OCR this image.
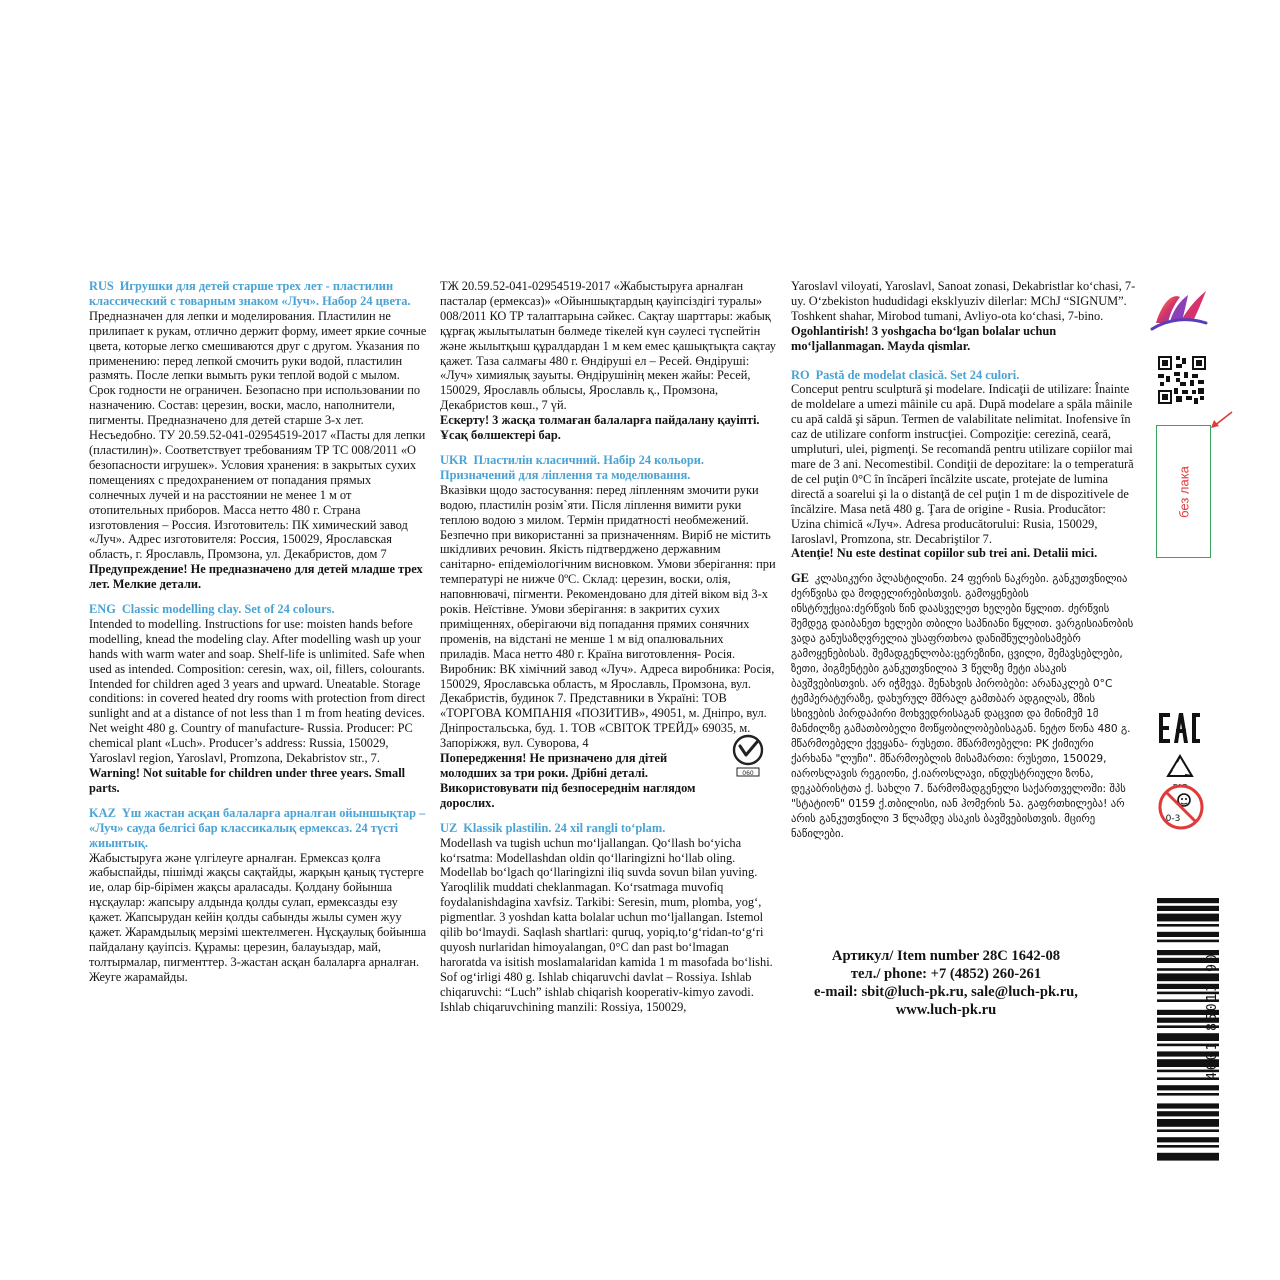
RUS Игрушки для детей старше трех лет - пластилин классический с товарным знаком «Луч». Набор 24 цвета.

Предназначен для лепки и моделирования. Пластилин не прилипает к рукам, отлично держит форму, имеет яркие сочные цвета, которые легко смешиваются друг с другом. Указания по применению: перед лепкой смочить руки водой, пластилин размять. После лепки вымыть руки теплой водой с мылом. Срок годности не ограничен. Безопасно при использовании по назначению. Состав: церезин, воски, масло, наполнители, пигменты. Предназначено для детей старше 3-х лет. Несъедобно. ТУ 20.59.52-041-02954519-2017 «Пасты для лепки (пластилин)». Соответствует требованиям ТР ТС 008/2011 «О безопасности игрушек». Условия хранения: в закрытых сухих помещениях с предохранением от попадания прямых солнечных лучей и на расстоянии не менее 1 м от отопительных приборов. Масса нетто 480 г. Страна изготовления – Россия. Изготовитель: ПК химический завод «Луч». Адрес изготовителя: Россия, 150029, Ярославская область, г. Ярославль, Промзона, ул. Декабристов, дом 7

Предупреждение! Не предназначено для детей младше трех лет. Мелкие детали.

ENG Classic modelling clay. Set of 24 colours.

Intended to modelling. Instructions for use: moisten hands before modelling, knead the modeling clay. After modelling wash up your hands with warm water and soap. Shelf-life is unlimited. Safe when used as intended. Composition: ceresin, wax, oil, fillers, colourants. Intended for children aged 3 years and upward. Uneatable. Storage conditions: in covered heated dry rooms with protection from direct sunlight and at a distance of not less than 1 m from heating devices. Net weight 480 g. Country of manufacture- Russia. Producer: PC chemical plant «Luch». Producer’s address: Russia, 150029, Yaroslavl region, Yaroslavl, Promzona, Dekabristov str., 7.

Warning! Not suitable for children under three years. Small parts.

KAZ Үш жастан асқан балаларға арналған ойыншықтар – «Луч» сауда белгісі бар классикалық ермексаз. 24 түсті жиынтық.

Жабыстыруға және үлгілеуге арналған. Ермексаз қолға жабыспайды, пішімді жақсы сақтайды, жарқын қанық түстерге ие, олар бір-бірімен жақсы араласады. Қолдану бойынша нұсқаулар: жапсыру алдында қолды сулап, ермексазды езу қажет. Жапсырудан кейін қолды сабынды жылы сумен жуу қажет. Жарамдылық мерзімі шектелмеген. Нұсқаулық бойынша пайдалану қауіпсіз. Құрамы: церезин, балауыздар, май, толтырмалар, пигменттер. 3-жастан асқан балаларға арналған. Жеуге жарамайды.

ТЖ 20.59.52-041-02954519-2017 «Жабыстыруға арналған пасталар (ермексаз)» «Ойыншықтардың қауіпсіздігі туралы» 008/2011 КО ТР талаптарына сәйкес. Сақтау шарттары: жабық құрғақ жылытылатын бөлмеде тікелей күн сәулесі түспейтін және жылытқыш құралдардан 1 м кем емес қашықтықта сақтау қажет. Таза салмағы 480 г. Өндіруші ел – Ресей. Өндіруші: «Луч» химиялық зауыты. Өндірушінің мекен жайы: Ресей, 150029, Ярославль облысы, Ярославль қ., Промзона, Декабристов көш., 7 үй.

Ескерту! 3 жасқа толмаған балаларға пайдалану қауіпті. Ұсақ бөлшектері бар.

UKR Пластилін класичний. Набір 24 кольори. Призначений для ліплення та моделювання.

Вказівки щодо застосування: перед ліпленням змочити руки водою, пластилін розім`яти. Після ліплення вимити руки теплою водою з милом. Термін придатності необмежений. Безпечно при використанні за призначенням. Виріб не містить шкідливих речовин. Якість підтверджено державним санітарно- епідеміологічним висновком. Умови зберігання: при температурі не нижче 0ºС. Склад: церезин, воски, олія, наповнювачі, пігменти. Рекомендовано для дітей віком від 3-х років. Неїстівне. Умови зберігання: в закритих сухих приміщеннях, оберігаючи від попадання прямих сонячних променів, на відстані не менше 1 м від опалювальних приладів. Маса нетто 480 г. Країна виготовлення- Росія. Виробник: ВК хімічний завод «Луч». Адреса виробника: Росія, 150029, Ярославська область, м Ярославль, Промзона, вул. Декабристів, будинок 7. Представники в Україні: ТОВ «ТОРГОВА КОМПАНІЯ «ПОЗИТИВ», 49051, м. Дніпро, вул. Дніпростальська, буд. 1. ТОВ «СВІТОК ТРЕЙД» 69035, м. Запоріжжя, вул. Суворова, 4

Попередження! Не призначено для дітей молодших за три роки. Дрібні деталі. Використовувати під безпосереднім наглядом дорослих.

UZ Klassik plastilin. 24 xil rangli to‘plam.

Modellash va tugish uchun mo‘ljallangan. Qo‘llash bo‘yicha ko‘rsatma: Modellashdan oldin qo‘llaringizni ho‘llab oling. Modellab bo‘lgach qo‘llaringizni iliq suvda sovun bilan yuving. Yaroqlilik muddati cheklanmagan. Ko‘rsatmaga muvofiq foydalanishdagina xavfsiz. Tarkibi: Seresin, mum, plomba, yog‘, pigmentlar. 3 yoshdan katta bolalar uchun mo‘ljallangan. Istemol qilib bo‘lmaydi. Saqlash shartlari: quruq, yopiq,to‘g‘ridan-to‘g‘ri quyosh nurlaridan himoyalangan, 0°C dan past bo‘lmagan haroratda va isitish moslamalaridan kamida 1 m masofada bo‘lishi. Sof og‘irligi 480 g. Ishlab chiqaruvchi davlat – Rossiya. Ishlab chiqaruvchi: “Luch” ishlab chiqarish kooperativ-kimyo zavodi. Ishlab chiqaruvchining manzili: Rossiya, 150029,

060

Yaroslavl viloyati, Yaroslavl, Sanoat zonasi, Dekabristlar ko‘chasi, 7-uy. O‘zbekiston hududidagi eksklyuziv dilerlar: MChJ “SIGNUM”. Toshkent shahar, Mirobod tumani, Avliyo-ota ko‘chasi, 7-bino.

Ogohlantirish! 3 yoshgacha bo‘lgan bolalar uchun mo‘ljallanmagan. Mayda qismlar.

RO Pastă de modelat clasică. Set 24 culori.

Conceput pentru sculptură şi modelare. Indicaţii de utilizare: Înainte de moldelare a umezi mâinile cu apă. După modelare a spăla mâinile cu apă caldă şi săpun. Termen de valabilitate nelimitat. Inofensive în caz de utilizare conform instrucţiei. Compoziţie: cerezină, ceară, umpluturi, ulei, pigmenţi. Se recomandă pentru utilizare copiilor mai mare de 3 ani. Necomestibil. Condiţii de depozitare: la o temperatură de cel puţin 0°C în încăperi încălzite uscate, protejate de lumina directă a soarelui şi la o distanţă de cel puţin 1 m de dispozitivele de încălzire. Masa netă 480 g. Ţara de origine - Rusia. Producător: Uzina chimică «Луч». Adresa producătorului: Rusia, 150029, Iaroslavl, Promzona, str. Decabriştilor 7.

Atenţie! Nu este destinat copiilor sub trei ani. Detalii mici.

GE კლასიკური პლასტილინი. 24 ფერის ნაკრები. განკუთვნილია ძერწვისა და მოდელირებისთვის. გამოყენების ინსტრუქცია:ძერწვის წინ დაასველეთ ხელები წყლით. ძერწვის შემდეგ დაიბანეთ ხელები თბილი საპნიანი წყლით. ვარგისიანობის ვადა განუსაზღვრელია უსაფრთხოა დანიშნულებისამებრ გამოყენებისას. შემადგენლობა:ცერეზინი, ცვილი, შემავსებლები, ზეთი, პიგმენტები განკუთვნილია 3 წელზე მეტი ასაკის ბავშვებისთვის. არ იჭმევა. შენახვის პირობები: არანაკლებ 0°C ტემპერატურაზე, დახურულ მშრალ გამთბარ ადგილას, მზის სხივების პირდაპირი მოხვედრისაგან დაცვით და მინიმუმ 1მ მანძილზე გამათბობელი მოწყობილობებისაგან. ნეტო წონა 480 გ. მწარმოებელი ქვეყანა- რუსეთი. მწარმოებელი: PK ქიმიური ქარხანა "ლუჩი". მწარმოებლის მისამართი: რუსეთი, 150029, იაროსლავის რეგიონი, ქ.იაროსლავი, ინდუსტრიული ზონა, დეკაბრისტთა ქ. სახლი 7. წარმომადგენელი საქართველოში: შპს "სტატიონ" 0159 ქ.თბილისი, იან ჰომერის 5ა. გაფრთხილება! არ არის განკუთვნილი 3 წლამდე ასაკის ბავშვებისთვის. მცირე ნაწილები.

Артикул/ Item number 28С 1642-08
тел./ phone: +7 (4852) 260-261
e-mail: sbit@luch-pk.ru, sale@luch-pk.ru,
www.luch-pk.ru
без лака
0-3
4601185013890
